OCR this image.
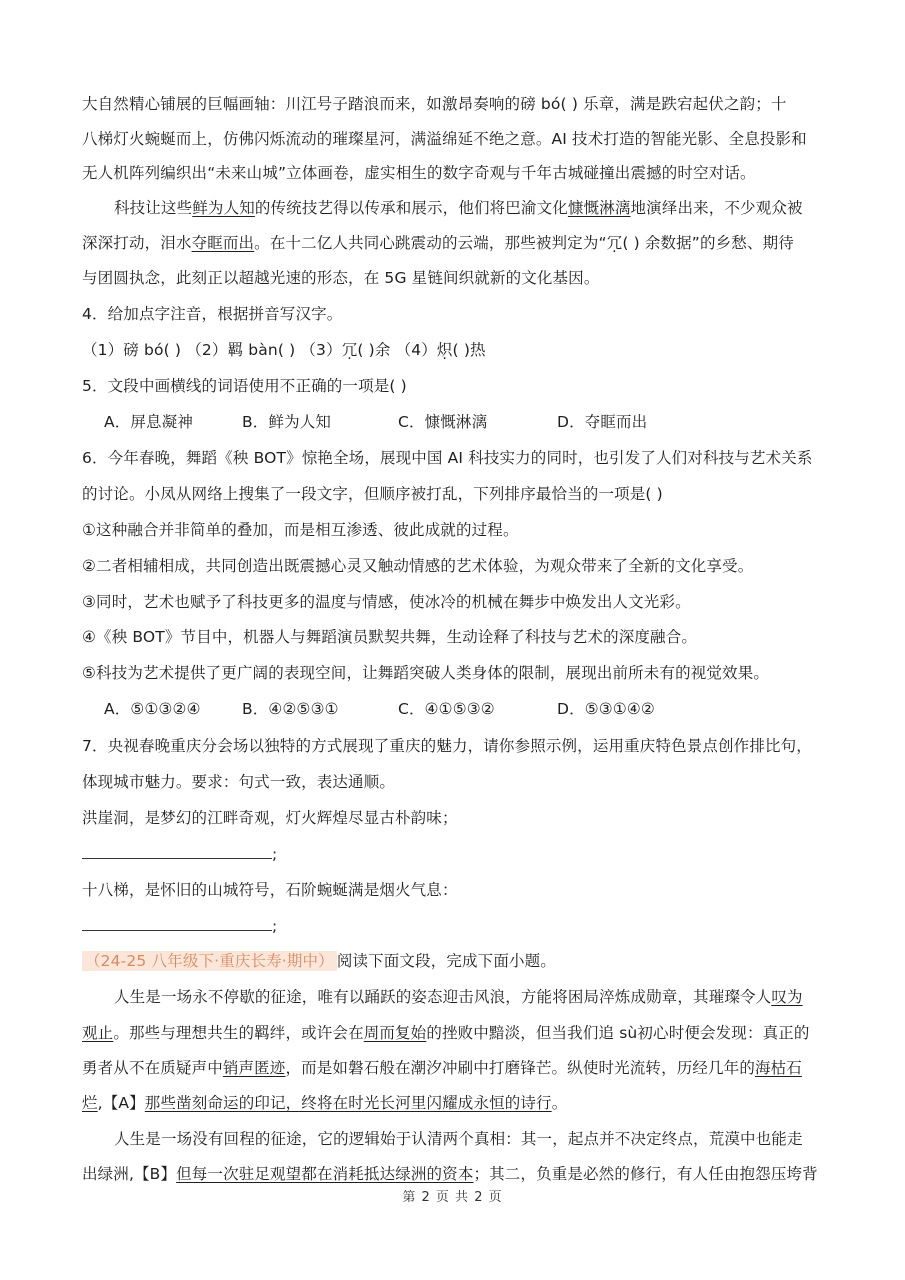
大自然精心铺展的巨幅画轴：川江号子踏浪而来，如激昂奏响的磅 bó( ) 乐章，满是跌宕起伏之韵；十
八梯灯火蜿蜒而上，仿佛闪烁流动的璀璨星河，满溢绵延不绝之意。AI 技术打造的智能光影、全息投影和
无人机阵列编织出“未来山城”立体画卷，虚实相生的数字奇观与千年古城碰撞出震撼的时空对话。
科技让这些鲜为人知的传统技艺得以传承和展示，他们将巴渝文化慷慨淋漓地演绎出来，不少观众被
深深打动，泪水夺眶而出。在十二亿人共同心跳震动的云端，那些被判定为“冗( ) 余数据”的乡愁、期待
与团圆执念，此刻正以超越光速的形态，在 5G 星链间织就新的文化基因。
4．给加点字注音，根据拼音写汉字。
（1）磅 bó( ) （2）羁 bàn( ) （3）冗( )余 （4）炽( )热
5．文段中画横线的词语使用不正确的一项是( )
A．屏息凝神	B．鲜为人知	C．慷慨淋漓	D．夺眶而出
6．今年春晚，舞蹈《秧 BOT》惊艳全场，展现中国 AI 科技实力的同时，也引发了人们对科技与艺术关系
的讨论。小凤从网络上搜集了一段文字，但顺序被打乱，下列排序最恰当的一项是( )
①这种融合并非简单的叠加，而是相互渗透、彼此成就的过程。
②二者相辅相成，共同创造出既震撼心灵又触动情感的艺术体验，为观众带来了全新的文化享受。
③同时，艺术也赋予了科技更多的温度与情感，使冰冷的机械在舞步中焕发出人文光彩。
④《秧 BOT》节目中，机器人与舞蹈演员默契共舞，生动诠释了科技与艺术的深度融合。
⑤科技为艺术提供了更广阔的表现空间，让舞蹈突破人类身体的限制，展现出前所未有的视觉效果。
A．⑤①③②④	B．④②⑤③①	C．④①⑤③②	D．⑤③①④②
7．央视春晚重庆分会场以独特的方式展现了重庆的魅力，请你参照示例，运用重庆特色景点创作排比句，
体现城市魅力。要求：句式一致，表达通顺。
洪崖洞，是梦幻的江畔奇观，灯火辉煌尽显古朴韵味；
;
十八梯，是怀旧的山城符号，石阶蜿蜒满是烟火气息：
;
（24-25 八年级下·重庆长寿·期中） 阅读下面文段，完成下面小题。
人生是一场永不停歇的征途，唯有以踊跃的姿态迎击风浪，方能将困局淬炼成勋章，其璀璨令人叹为
观止。那些与理想共生的羁绊，或许会在周而复始的挫败中黯淡，但当我们追 sù初心时便会发现：真正的
勇者从不在质疑声中销声匿迹，而是如磐石般在潮汐冲刷中打磨锋芒。纵使时光流转，历经几年的海枯石
烂,【A】那些凿刻命运的印记，终将在时光长河里闪耀成永恒的诗行。
人生是一场没有回程的征途，它的逻辑始于认清两个真相：其一，起点并不决定终点，荒漠中也能走
出绿洲,【B】但每一次驻足观望都在消耗抵达绿洲的资本；其二，负重是必然的修行，有人任由抱怨压垮背
第 2 页 共 2 页
